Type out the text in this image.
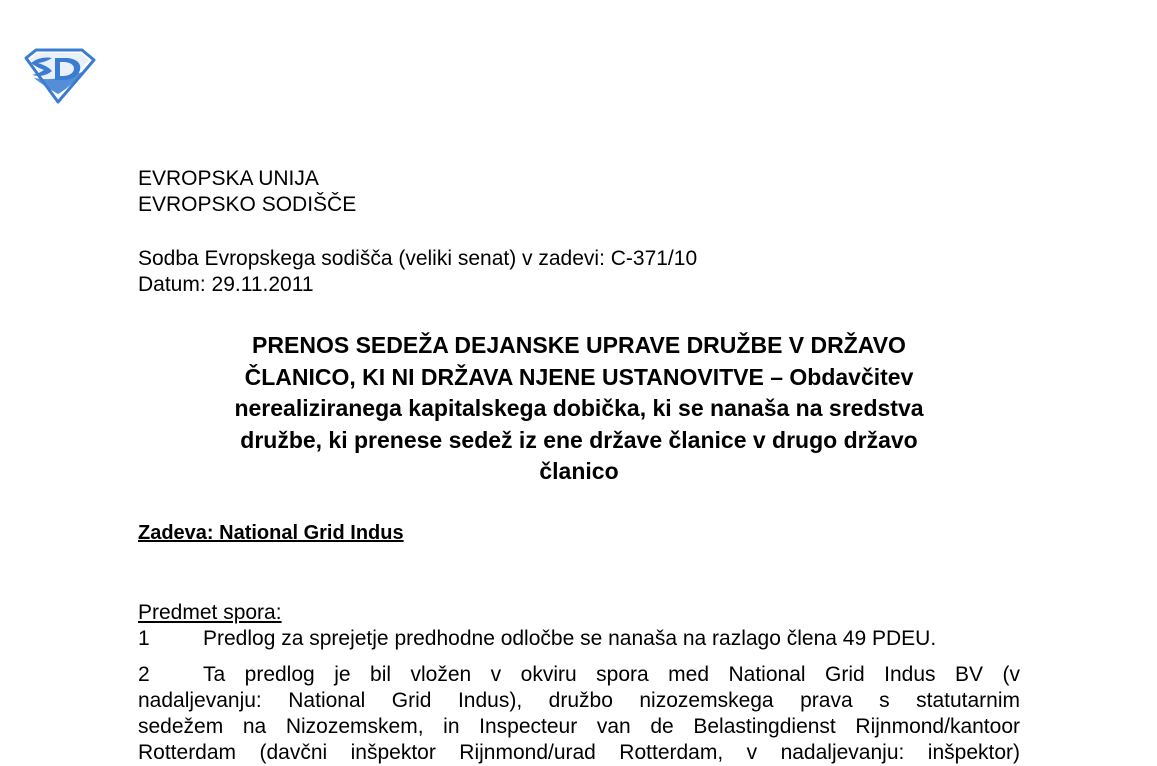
EVROPSKA UNIJA
EVROPSKO SODIŠČE
Sodba Evropskega sodišča (veliki senat) v zadevi: C-371/10
Datum: 29.11.2011
PRENOS SEDEŽA DEJANSKE UPRAVE DRUŽBE V DRŽAVO
ČLANICO, KI NI DRŽAVA NJENE USTANOVITVE – Obdavčitev
nerealiziranega kapitalskega dobička, ki se nanaša na sredstva
družbe, ki prenese sedež iz ene države članice v drugo državo
članico
Zadeva: National Grid Indus
Predmet spora:
1	Predlog za sprejetje predhodne odločbe se nanaša na razlago člena 49 PDEU.
2	Ta predlog je bil vložen v okviru spora med National Grid Indus BV (v
nadaljevanju: National Grid Indus), družbo nizozemskega prava s statutarnim
sedežem na Nizozemskem, in Inspecteur van de Belastingdienst Rijnmond/kantoor
Rotterdam (davčni inšpektor Rijnmond/urad Rotterdam, v nadaljevanju: inšpektor)
